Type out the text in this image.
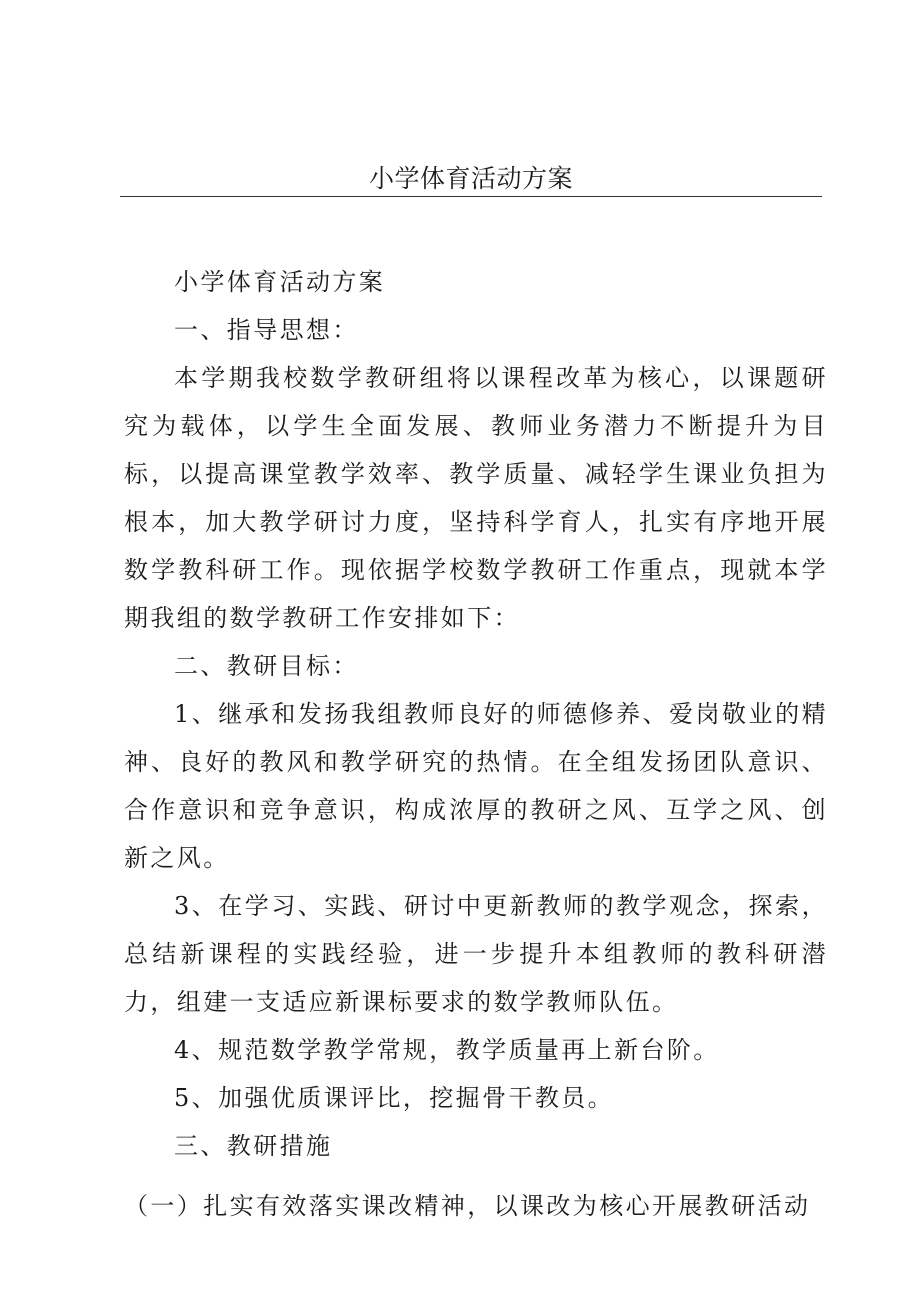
小学体育活动方案

小学体育活动方案

一、指导思想：

本学期我校数学教研组将以课程改革为核心，以课题研究为载体，以学生全面发展、教师业务潜力不断提升为目标，以提高课堂教学效率、教学质量、减轻学生课业负担为根本，加大教学研讨力度，坚持科学育人，扎实有序地开展数学教科研工作。现依据学校数学教研工作重点，现就本学期我组的数学教研工作安排如下：

二、教研目标：

1、继承和发扬我组教师良好的师德修养、爱岗敬业的精神、良好的教风和教学研究的热情。在全组发扬团队意识、合作意识和竞争意识，构成浓厚的教研之风、互学之风、创新之风。

3、在学习、实践、研讨中更新教师的教学观念，探索，总结新课程的实践经验，进一步提升本组教师的教科研潜力，组建一支适应新课标要求的数学教师队伍。

4、规范数学教学常规，教学质量再上新台阶。

5、加强优质课评比，挖掘骨干教员。

三、教研措施

（一）扎实有效落实课改精神，以课改为核心开展教研活动
